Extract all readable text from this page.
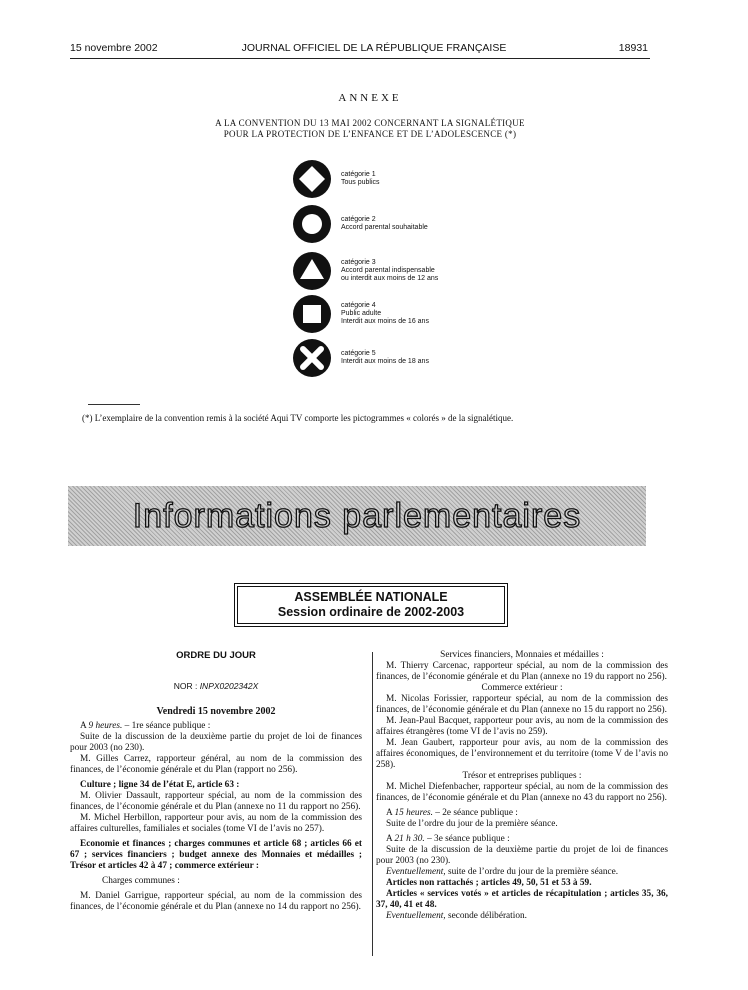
15 novembre 2002	JOURNAL OFFICIEL DE LA RÉPUBLIQUE FRANÇAISE	18931
ANNEXE
A LA CONVENTION DU 13 MAI 2002 CONCERNANT LA SIGNALÉTIQUE
POUR LA PROTECTION DE L’ENFANCE ET DE L’ADOLESCENCE (*)
catégorie 1
Tous publics
catégorie 2
Accord parental souhaitable
catégorie 3
Accord parental indispensable
ou interdit aux moins de 12 ans
catégorie 4
Public adulte
Interdit aux moins de 16 ans
catégorie 5
Interdit aux moins de 18 ans
(*) L’exemplaire de la convention remis à la société Aqui TV comporte les pictogrammes « colorés » de la signalétique.
Informations parlementaires
ASSEMBLÉE NATIONALE
Session ordinaire de 2002-2003

ORDRE DU JOUR

NOR : INPX0202342X

Vendredi 15 novembre 2002

A 9 heures. – 1re séance publique :

Suite de la discussion de la deuxième partie du projet de loi de finances pour 2003 (no 230).

M. Gilles Carrez, rapporteur général, au nom de la commission des finances, de l’économie générale et du Plan (rapport no 256).

Culture ; ligne 34 de l’état E, article 63 :

M. Olivier Dassault, rapporteur spécial, au nom de la commission des finances, de l’économie générale et du Plan (annexe no 11 du rapport no 256).

M. Michel Herbillon, rapporteur pour avis, au nom de la commission des affaires culturelles, familiales et sociales (tome VI de l’avis no 257).

Economie et finances ; charges communes et article 68 ; articles 66 et 67 ; services financiers ; budget annexe des Monnaies et médailles ; Trésor et articles 42 à 47 ; commerce extérieur :

Charges communes :

M. Daniel Garrigue, rapporteur spécial, au nom de la commission des finances, de l’économie générale et du Plan (annexe no 14 du rapport no 256).

Services financiers, Monnaies et médailles :

M. Thierry Carcenac, rapporteur spécial, au nom de la commission des finances, de l’économie générale et du Plan (annexe no 19 du rapport no 256).

Commerce extérieur :

M. Nicolas Forissier, rapporteur spécial, au nom de la commission des finances, de l’économie générale et du Plan (annexe no 15 du rapport no 256).

M. Jean-Paul Bacquet, rapporteur pour avis, au nom de la commission des affaires étrangères (tome VI de l’avis no 259).

M. Jean Gaubert, rapporteur pour avis, au nom de la commission des affaires économiques, de l’environnement et du territoire (tome V de l’avis no 258).

Trésor et entreprises publiques :

M. Michel Diefenbacher, rapporteur spécial, au nom de la commission des finances, de l’économie générale et du Plan (annexe no 43 du rapport no 256).

A 15 heures. – 2e séance publique :

Suite de l’ordre du jour de la première séance.

A 21 h 30. – 3e séance publique :

Suite de la discussion de la deuxième partie du projet de loi de finances pour 2003 (no 230).

Eventuellement, suite de l’ordre du jour de la première séance.

Articles non rattachés ; articles 49, 50, 51 et 53 à 59.

Articles « services votés » et articles de récapitulation ; articles 35, 36, 37, 40, 41 et 48.

Eventuellement, seconde délibération.
